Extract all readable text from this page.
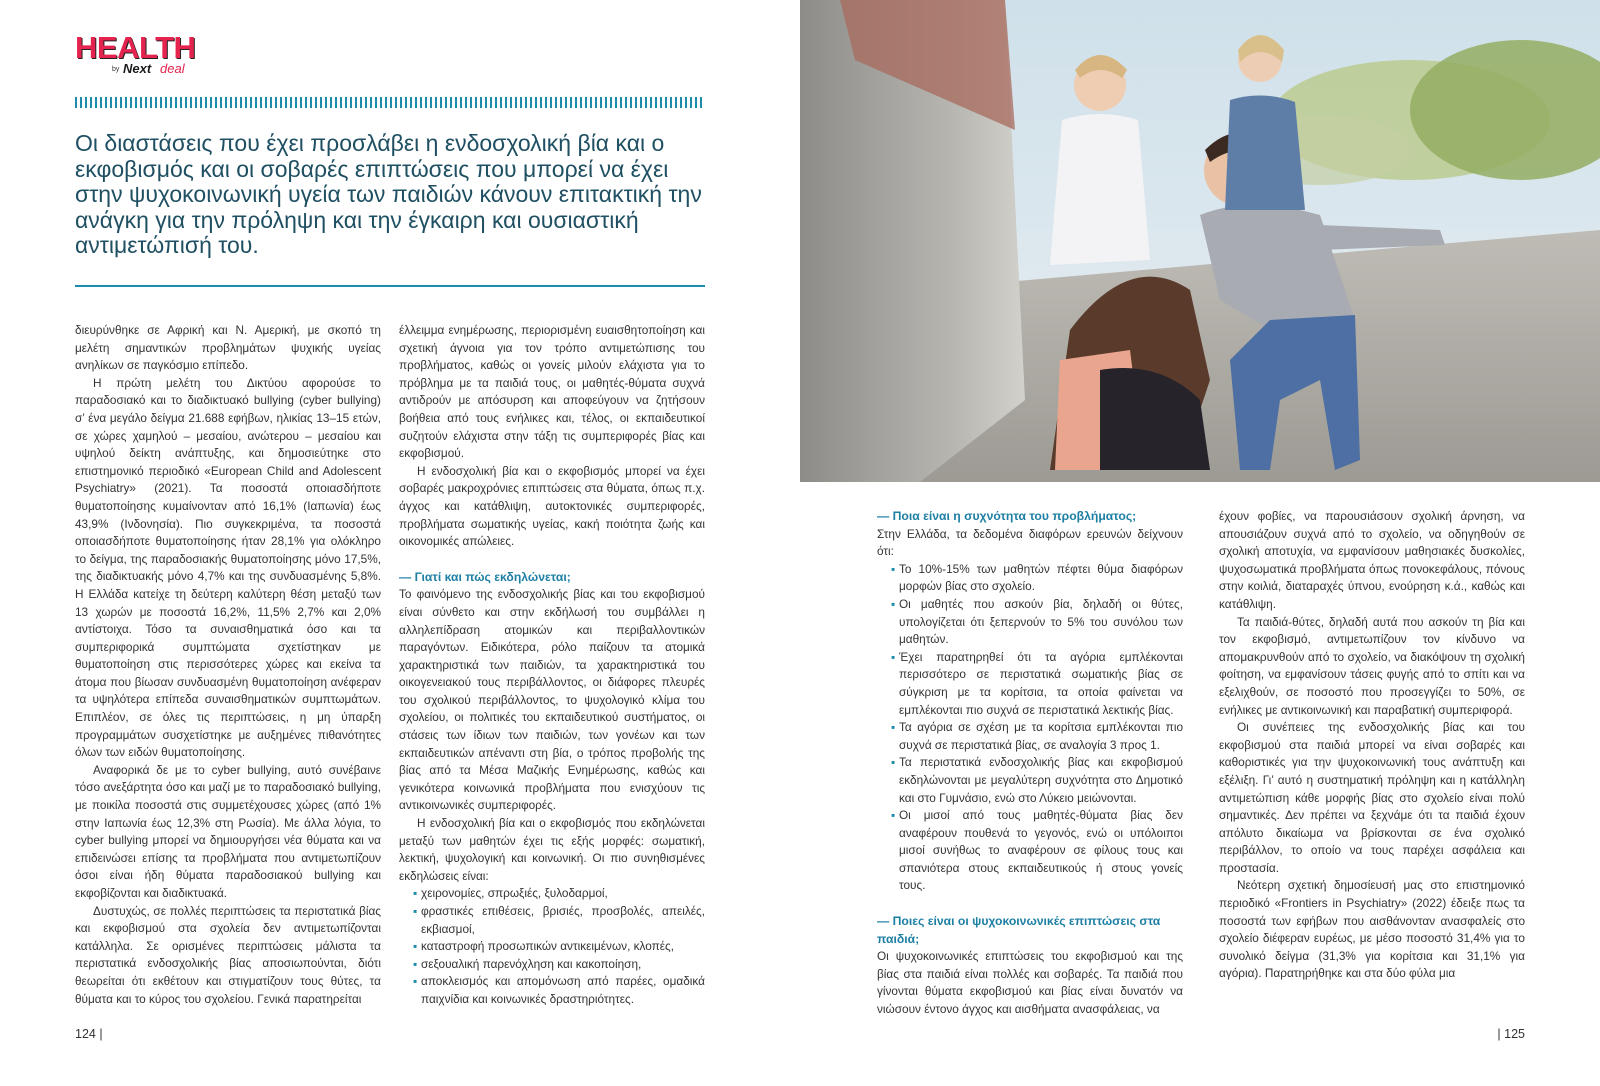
HEALTH
by Next deal
Οι διαστάσεις που έχει προσλάβει η ενδοσχολική βία και ο εκφοβισμός και οι σοβαρές επιπτώσεις που μπορεί να έχει στην ψυχοκοινωνική υγεία των παιδιών κάνουν επιτακτική την ανάγκη για την πρόληψη και την έγκαιρη και ουσιαστική αντιμετώπισή του.

διευρύνθηκε σε Αφρική και Ν. Αμερική, με σκοπό τη μελέτη σημαντικών προβλημάτων ψυχικής υγείας ανηλίκων σε παγκόσμιο επίπεδο.

Η πρώτη μελέτη του Δικτύου αφορούσε το παραδοσιακό και το διαδικτυακό bullying (cyber bullying) σ’ ένα μεγάλο δείγμα 21.688 εφήβων, ηλικίας 13–15 ετών, σε χώρες χαμηλού – μεσαίου, ανώτερου – μεσαίου και υψηλού δείκτη ανάπτυξης, και δημοσιεύτηκε στο επιστημονικό περιοδικό «European Child and Adolescent Psychiatry» (2021). Τα ποσοστά οποιασδήποτε θυματοποίησης κυμαίνονταν από 16,1% (Ιαπωνία) έως 43,9% (Ινδονησία). Πιο συγκεκριμένα, τα ποσοστά οποιασδήποτε θυματοποίησης ήταν 28,1% για ολόκληρο το δείγμα, της παραδοσιακής θυματοποίησης μόνο 17,5%, της διαδικτυακής μόνο 4,7% και της συνδυασμένης 5,8%. Η Ελλάδα κατείχε τη δεύτερη καλύτερη θέση μεταξύ των 13 χωρών με ποσοστά 16,2%, 11,5% 2,7% και 2,0% αντίστοιχα. Τόσο τα συναισθηματικά όσο και τα συμπεριφορικά συμπτώματα σχετίστηκαν με θυματοποίηση στις περισσότερες χώρες και εκείνα τα άτομα που βίωσαν συνδυασμένη θυματοποίηση ανέφεραν τα υψηλότερα επίπεδα συναισθηματικών συμπτωμάτων. Επιπλέον, σε όλες τις περιπτώσεις, η μη ύπαρξη προγραμμάτων συσχετίστηκε με αυξημένες πιθανότητες όλων των ειδών θυματοποίησης.

Αναφορικά δε με το cyber bullying, αυτό συνέβαινε τόσο ανεξάρτητα όσο και μαζί με το παραδοσιακό bullying, με ποικίλα ποσοστά στις συμμετέχουσες χώρες (από 1% στην Ιαπωνία έως 12,3% στη Ρωσία). Με άλλα λόγια, το cyber bullying μπορεί να δημιουργήσει νέα θύματα και να επιδεινώσει επίσης τα προβλήματα που αντιμετωπίζουν όσοι είναι ήδη θύματα παραδοσιακού bullying και εκφοβίζονται και διαδικτυακά.

Δυστυχώς, σε πολλές περιπτώσεις τα περιστατικά βίας και εκφοβισμού στα σχολεία δεν αντιμετωπίζονται κατάλληλα. Σε ορισμένες περιπτώσεις μάλιστα τα περιστατικά ενδοσχολικής βίας αποσιωπούνται, διότι θεωρείται ότι εκθέτουν και στιγματίζουν τους θύτες, τα θύματα και το κύρος του σχολείου. Γενικά παρατηρείται

έλλειμμα ενημέρωσης, περιορισμένη ευαισθητοποίηση και σχετική άγνοια για τον τρόπο αντιμετώπισης του προβλήματος, καθώς οι γονείς μιλούν ελάχιστα για το πρόβλημα με τα παιδιά τους, οι μαθητές-θύματα συχνά αντιδρούν με απόσυρση και αποφεύγουν να ζητήσουν βοήθεια από τους ενήλικες και, τέλος, οι εκπαιδευτικοί συζητούν ελάχιστα στην τάξη τις συμπεριφορές βίας και εκφοβισμού.

Η ενδοσχολική βία και ο εκφοβισμός μπορεί να έχει σοβαρές μακροχρόνιες επιπτώσεις στα θύματα, όπως π.χ. άγχος και κατάθλιψη, αυτοκτονικές συμπεριφορές, προβλήματα σωματικής υγείας, κακή ποιότητα ζωής και οικονομικές απώλειες.

— Γιατί και πώς εκδηλώνεται;

Το φαινόμενο της ενδοσχολικής βίας και του εκφοβισμού είναι σύνθετο και στην εκδήλωσή του συμβάλλει η αλληλεπίδραση ατομικών και περιβαλλοντικών παραγόντων. Ειδικότερα, ρόλο παίζουν τα ατομικά χαρακτηριστικά των παιδιών, τα χαρακτηριστικά του οικογενειακού τους περιβάλλοντος, οι διάφορες πλευρές του σχολικού περιβάλλοντος, το ψυχολογικό κλίμα του σχολείου, οι πολιτικές του εκπαιδευτικού συστήματος, οι στάσεις των ίδιων των παιδιών, των γονέων και των εκπαιδευτικών απέναντι στη βία, ο τρόπος προβολής της βίας από τα Μέσα Μαζικής Ενημέρωσης, καθώς και γενικότερα κοινωνικά προβλήματα που ενισχύουν τις αντικοινωνικές συμπεριφορές.

Η ενδοσχολική βία και ο εκφοβισμός που εκδηλώνεται μεταξύ των μαθητών έχει τις εξής μορφές: σωματική, λεκτική, ψυχολογική και κοινωνική. Οι πιο συνηθισμένες εκδηλώσεις είναι:

▪ χειρονομίες, σπρωξιές, ξυλοδαρμοί,

▪ φραστικές επιθέσεις, βρισιές, προσβολές, απειλές, εκβιασμοί,

▪ καταστροφή προσωπικών αντικειμένων, κλοπές,

▪ σεξουαλική παρενόχληση και κακοποίηση,

▪ αποκλεισμός και απομόνωση από παρέες, ομαδικά παιχνίδια και κοινωνικές δραστηριότητες.

124 |
— Ποια είναι η συχνότητα του προβλήματος;

Στην Ελλάδα, τα δεδομένα διαφόρων ερευνών δείχνουν ότι:

▪ Το 10%-15% των μαθητών πέφτει θύμα διαφόρων μορφών βίας στο σχολείο.

▪ Οι μαθητές που ασκούν βία, δηλαδή οι θύτες, υπολογίζεται ότι ξεπερνούν το 5% του συνόλου των μαθητών.

▪ Έχει παρατηρηθεί ότι τα αγόρια εμπλέκονται περισσότερο σε περιστατικά σωματικής βίας σε σύγκριση με τα κορίτσια, τα οποία φαίνεται να εμπλέκονται πιο συχνά σε περιστατικά λεκτικής βίας.

▪ Τα αγόρια σε σχέση με τα κορίτσια εμπλέκονται πιο συχνά σε περιστατικά βίας, σε αναλογία 3 προς 1.

▪ Τα περιστατικά ενδοσχολικής βίας και εκφοβισμού εκδηλώνονται με μεγαλύτερη συχνότητα στο Δημοτικό και στο Γυμνάσιο, ενώ στο Λύκειο μειώνονται.

▪ Οι μισοί από τους μαθητές-θύματα βίας δεν αναφέρουν πουθενά το γεγονός, ενώ οι υπόλοιποι μισοί συνήθως το αναφέρουν σε φίλους τους και σπανιότερα στους εκπαιδευτικούς ή στους γονείς τους.

— Ποιες είναι οι ψυχοκοινωνικές επιπτώσεις στα παιδιά;

Οι ψυχοκοινωνικές επιπτώσεις του εκφοβισμού και της βίας στα παιδιά είναι πολλές και σοβαρές. Τα παιδιά που γίνονται θύματα εκφοβισμού και βίας είναι δυνατόν να νιώσουν έντονο άγχος και αισθήματα ανασφάλειας, να

έχουν φοβίες, να παρουσιάσουν σχολική άρνηση, να απουσιάζουν συχνά από το σχολείο, να οδηγηθούν σε σχολική αποτυχία, να εμφανίσουν μαθησιακές δυσκολίες, ψυχοσωματικά προβλήματα όπως πονοκεφάλους, πόνους στην κοιλιά, διαταραχές ύπνου, ενούρηση κ.ά., καθώς και κατάθλιψη.

Τα παιδιά-θύτες, δηλαδή αυτά που ασκούν τη βία και τον εκφοβισμό, αντιμετωπίζουν τον κίνδυνο να απομακρυνθούν από το σχολείο, να διακόψουν τη σχολική φοίτηση, να εμφανίσουν τάσεις φυγής από το σπίτι και να εξελιχθούν, σε ποσοστό που προσεγγίζει το 50%, σε ενήλικες με αντικοινωνική και παραβατική συμπεριφορά.

Οι συνέπειες της ενδοσχολικής βίας και του εκφοβισμού στα παιδιά μπορεί να είναι σοβαρές και καθοριστικές για την ψυχοκοινωνική τους ανάπτυξη και εξέλιξη. Γι’ αυτό η συστηματική πρόληψη και η κατάλληλη αντιμετώπιση κάθε μορφής βίας στο σχολείο είναι πολύ σημαντικές. Δεν πρέπει να ξεχνάμε ότι τα παιδιά έχουν απόλυτο δικαίωμα να βρίσκονται σε ένα σχολικό περιβάλλον, το οποίο να τους παρέχει ασφάλεια και προστασία.

Νεότερη σχετική δημοσίευσή μας στο επιστημονικό περιοδικό «Frontiers in Psychiatry» (2022) έδειξε πως τα ποσοστά των εφήβων που αισθάνονταν ανασφαλείς στο σχολείο διέφεραν ευρέως, με μέσο ποσοστό 31,4% για το συνολικό δείγμα (31,3% για κορίτσια και 31,1% για αγόρια). Παρατηρήθηκε και στα δύο φύλα μια

| 125
